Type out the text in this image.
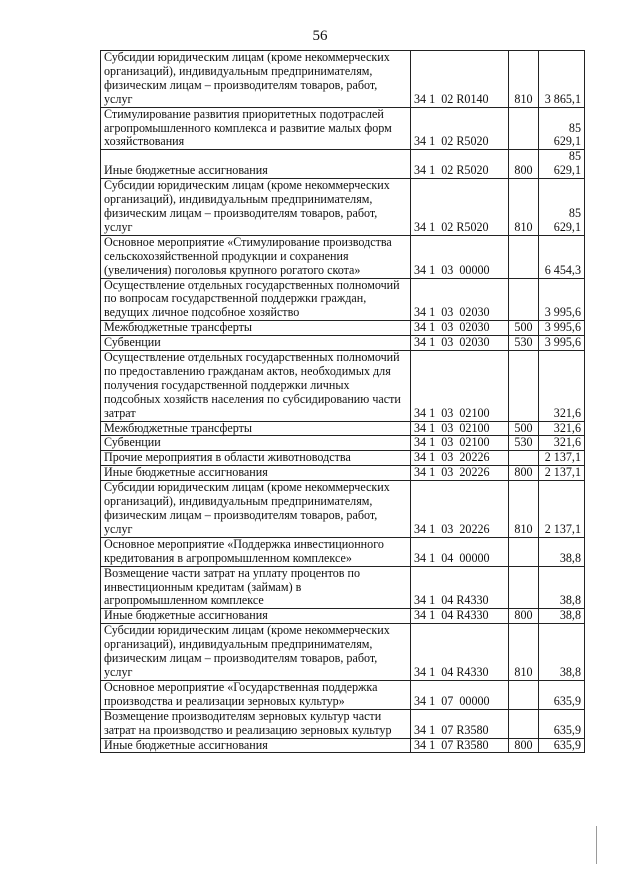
56
Субсидии юридическим лицам (кроме некоммерческих организаций), индивидуальным предпринимателям, физическим лицам – производителям товаров, работ, услуг	34 1  02 R0140	810	3 865,1
Стимулирование развития приоритетных подотраслей агропромышленного комплекса и развитие малых форм хозяйствования	34 1  02 R5020		85 629,1
Иные бюджетные ассигнования	34 1  02 R5020	800	85 629,1
Субсидии юридическим лицам (кроме некоммерческих организаций), индивидуальным предпринимателям, физическим лицам – производителям товаров, работ, услуг	34 1  02 R5020	810	85 629,1
Основное мероприятие «Стимулирование производства сельскохозяйственной продукции и сохранения (увеличения) поголовья крупного рогатого скота»	34 1  03  00000		6 454,3
Осуществление отдельных государственных полномочий по вопросам государственной поддержки граждан, ведущих личное подсобное хозяйство	34 1  03  02030		3 995,6
Межбюджетные трансферты	34 1  03  02030	500	3 995,6
Субвенции	34 1  03  02030	530	3 995,6
Осуществление отдельных государственных полномочий по предоставлению гражданам актов, необходимых для получения государственной поддержки личных подсобных хозяйств населения по субсидированию части затрат	34 1  03  02100		321,6
Межбюджетные трансферты	34 1  03  02100	500	321,6
Субвенции	34 1  03  02100	530	321,6
Прочие мероприятия в области животноводства	34 1  03  20226		2 137,1
Иные бюджетные ассигнования	34 1  03  20226	800	2 137,1
Субсидии юридическим лицам (кроме некоммерческих организаций), индивидуальным предпринимателям, физическим лицам – производителям товаров, работ, услуг	34 1  03  20226	810	2 137,1
Основное мероприятие «Поддержка инвестиционного кредитования в агропромышленном комплексе»	34 1  04  00000		38,8
Возмещение части затрат на уплату процентов по инвестиционным кредитам (займам) в агропромышленном комплексе	34 1  04 R4330		38,8
Иные бюджетные ассигнования	34 1  04 R4330	800	38,8
Субсидии юридическим лицам (кроме некоммерческих организаций), индивидуальным предпринимателям, физическим лицам – производителям товаров, работ, услуг	34 1  04 R4330	810	38,8
Основное мероприятие «Государственная поддержка производства и реализации зерновых культур»	34 1  07  00000		635,9
Возмещение производителям зерновых культур части затрат на производство и реализацию зерновых культур	34 1  07 R3580		635,9
Иные бюджетные ассигнования	34 1  07 R3580	800	635,9
